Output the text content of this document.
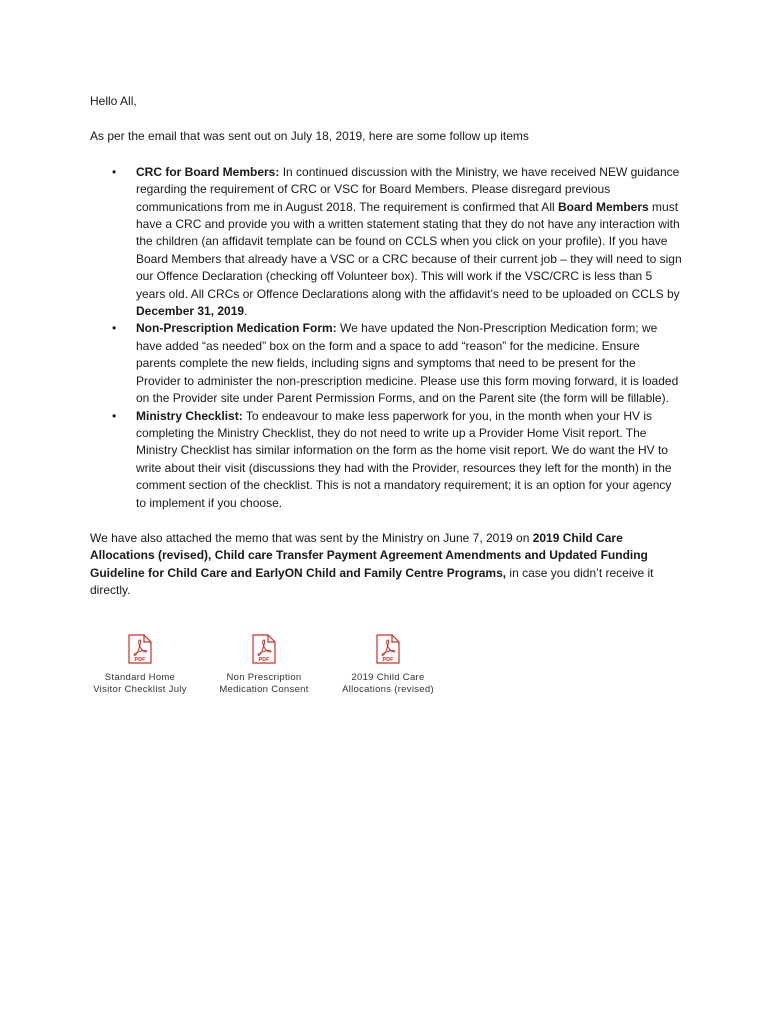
Hello All,

As per the email that was sent out on July 18, 2019, here are some follow up items

• CRC for Board Members: In continued discussion with the Ministry, we have received NEW guidance regarding the requirement of CRC or VSC for Board Members. Please disregard previous communications from me in August 2018. The requirement is confirmed that All Board Members must have a CRC and provide you with a written statement stating that they do not have any interaction with the children (an affidavit template can be found on CCLS when you click on your profile). If you have Board Members that already have a VSC or a CRC because of their current job – they will need to sign our Offence Declaration (checking off Volunteer box). This will work if the VSC/CRC is less than 5 years old. All CRCs or Offence Declarations along with the affidavit’s need to be uploaded on CCLS by December 31, 2019.
• Non-Prescription Medication Form: We have updated the Non-Prescription Medication form; we have added “as needed” box on the form and a space to add “reason” for the medicine. Ensure parents complete the new fields, including signs and symptoms that need to be present for the Provider to administer the non-prescription medicine. Please use this form moving forward, it is loaded on the Provider site under Parent Permission Forms, and on the Parent site (the form will be fillable).
• Ministry Checklist: To endeavour to make less paperwork for you, in the month when your HV is completing the Ministry Checklist, they do not need to write up a Provider Home Visit report. The Ministry Checklist has similar information on the form as the home visit report. We do want the HV to write about their visit (discussions they had with the Provider, resources they left for the month) in the comment section of the checklist. This is not a mandatory requirement; it is an option for your agency to implement if you choose.

We have also attached the memo that was sent by the Ministry on June 7, 2019 on 2019 Child Care Allocations (revised), Child care Transfer Payment Agreement Amendments and Updated Funding Guideline for Child Care and EarlyON Child and Family Centre Programs, in case you didn’t receive it directly.

PDF
Standard Home
Visitor Checklist July
PDF
Non Prescription
Medication Consent
PDF
2019 Child Care
Allocations (revised)
